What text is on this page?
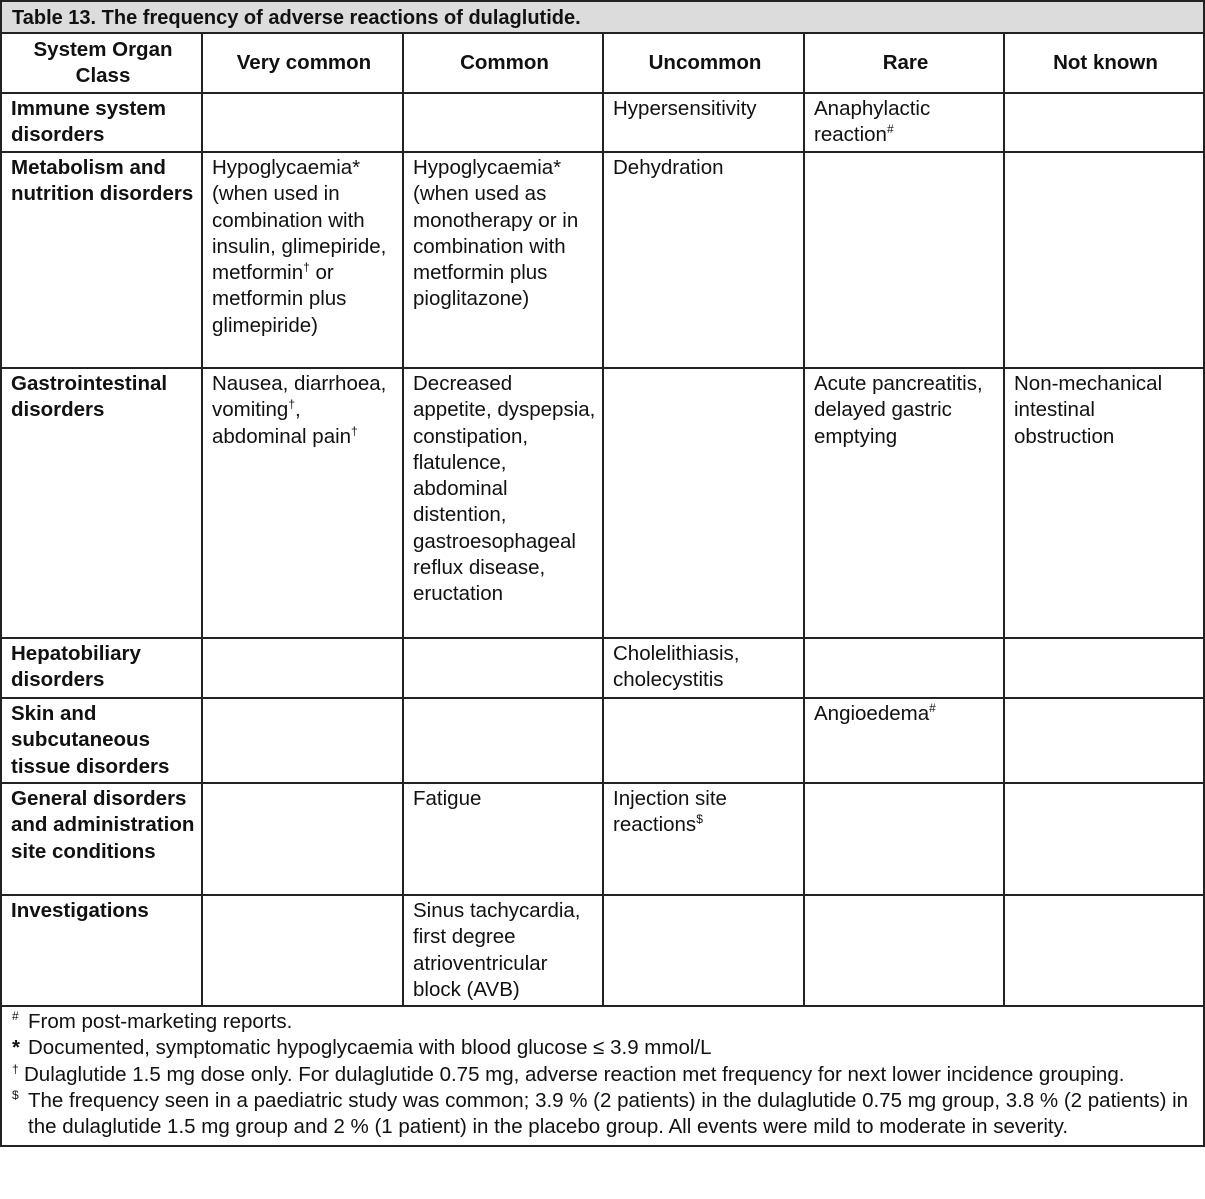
Table 13. The frequency of adverse reactions of dulaglutide.
System Organ Class	Very common	Common	Uncommon	Rare	Not known
Immune system disorders			Hypersensitivity	Anaphylactic reaction#	
Metabolism and nutrition disorders	Hypoglycaemia* (when used in combination with insulin, glimepiride, metformin† or metformin plus glimepiride)	Hypoglycaemia* (when used as monotherapy or in combination with metformin plus pioglitazone)	Dehydration		
Gastrointestinal disorders	Nausea, diarrhoea, vomiting†, abdominal pain†	Decreased appetite, dyspepsia, constipation, flatulence, abdominal distention, gastroesophageal reflux disease, eructation		Acute pancreatitis, delayed gastric emptying	Non-mechanical intestinal obstruction
Hepatobiliary disorders			Cholelithiasis, cholecystitis		
Skin and subcutaneous tissue disorders				Angioedema#	
General disorders and administration site conditions		Fatigue	Injection site reactions$		
Investigations		Sinus tachycardia, first degree atrioventricular block (AVB)			
# From post-marketing reports.
* Documented, symptomatic hypoglycaemia with blood glucose ≤ 3.9 mmol/L
† Dulaglutide 1.5 mg dose only. For dulaglutide 0.75 mg, adverse reaction met frequency for next lower incidence grouping.
$ The frequency seen in a paediatric study was common; 3.9 % (2 patients) in the dulaglutide 0.75 mg group, 3.8 % (2 patients) in the dulaglutide 1.5 mg group and 2 % (1 patient) in the placebo group. All events were mild to moderate in severity.
